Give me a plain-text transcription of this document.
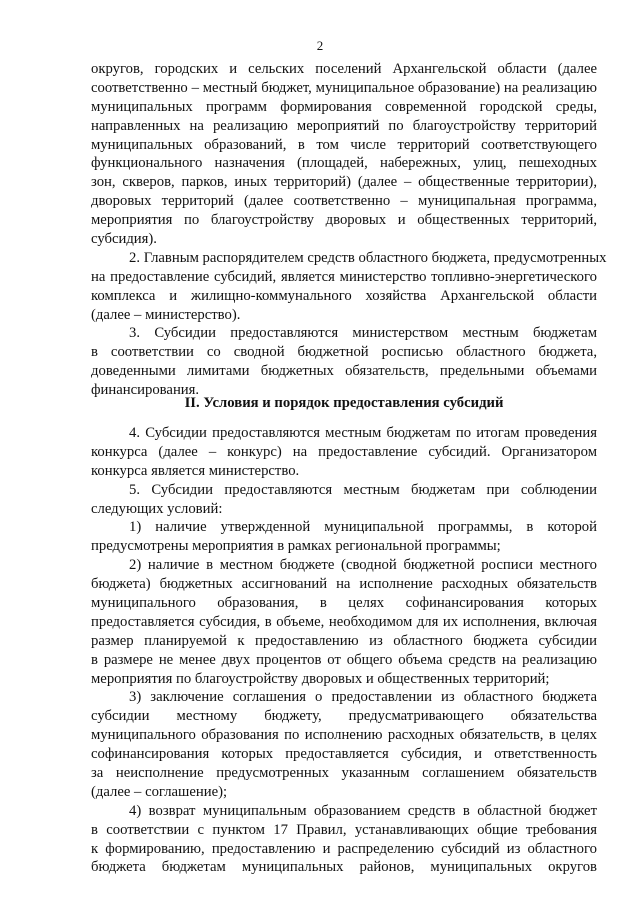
2
округов, городских и сельских поселений Архангельской области (далее
соответственно – местный бюджет, муниципальное образование) на реализацию
муниципальных программ формирования современной городской среды,
направленных на реализацию мероприятий по благоустройству территорий
муниципальных образований, в том числе территорий соответствующего
функционального назначения (площадей, набережных, улиц, пешеходных
зон, скверов, парков, иных территорий) (далее – общественные территории),
дворовых территорий (далее соответственно – муниципальная программа,
мероприятия по благоустройству дворовых и общественных территорий,
субсидия).
2. Главным распорядителем средств областного бюджета, предусмотренных
на предоставление субсидий, является министерство топливно-энергетического
комплекса и жилищно-коммунального хозяйства Архангельской области
(далее – министерство).
3. Субсидии предоставляются министерством местным бюджетам
в соответствии со сводной бюджетной росписью областного бюджета,
доведенными лимитами бюджетных обязательств, предельными объемами
финансирования.
II. Условия и порядок предоставления субсидий
4. Субсидии предоставляются местным бюджетам по итогам проведения
конкурса (далее – конкурс) на предоставление субсидий. Организатором
конкурса является министерство.
5. Субсидии предоставляются местным бюджетам при соблюдении
следующих условий:
1) наличие утвержденной муниципальной программы, в которой
предусмотрены мероприятия в рамках региональной программы;
2) наличие в местном бюджете (сводной бюджетной росписи местного
бюджета) бюджетных ассигнований на исполнение расходных обязательств
муниципального образования, в целях софинансирования которых
предоставляется субсидия, в объеме, необходимом для их исполнения, включая
размер планируемой к предоставлению из областного бюджета субсидии
в размере не менее двух процентов от общего объема средств на реализацию
мероприятия по благоустройству дворовых и общественных территорий;
3) заключение соглашения о предоставлении из областного бюджета
субсидии местному бюджету, предусматривающего обязательства
муниципального образования по исполнению расходных обязательств, в целях
софинансирования которых предоставляется субсидия, и ответственность
за неисполнение предусмотренных указанным соглашением обязательств
(далее – соглашение);
4) возврат муниципальным образованием средств в областной бюджет
в соответствии с пунктом 17 Правил, устанавливающих общие требования
к формированию, предоставлению и распределению субсидий из областного
бюджета бюджетам муниципальных районов, муниципальных округов
